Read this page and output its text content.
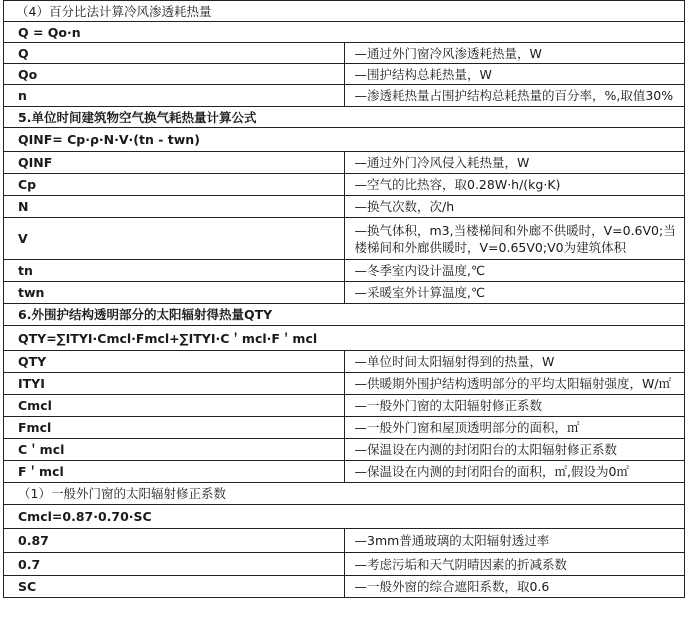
（4）百分比法计算冷风渗透耗热量	
Q = Qo·n	
Q	—通过外门窗冷风渗透耗热量，W
Qo	—围护结构总耗热量，W
n	—渗透耗热量占围护结构总耗热量的百分率，%,取值30%
5.单位时间建筑物空气换气耗热量计算公式	
QINF= Cp·ρ·N·V·(tn - twn)	
QINF	—通过外门冷风侵入耗热量，W
Cp	—空气的比热容，取0.28W·h/(kg·K)
N	—换气次数，次/h
V	—换气体积，m3,当楼梯间和外廊不供暖时，V=0.6V0;当楼梯间和外廊供暖时，V=0.65V0;V0为建筑体积
tn	—冬季室内设计温度,℃
twn	—采暖室外计算温度,℃
6.外围护结构透明部分的太阳辐射得热量QTY	
QTY=∑ITYI·Cmcl·Fmcl+∑ITYI·C＇mcl·F＇mcl	
QTY	—单位时间太阳辐射得到的热量，W
ITYI	—供暖期外围护结构透明部分的平均太阳辐射强度，W/㎡
Cmcl	—一般外门窗的太阳辐射修正系数
Fmcl	—一般外门窗和屋顶透明部分的面积，㎡
C＇mcl	—保温设在内测的封闭阳台的太阳辐射修正系数
F＇mcl	—保温设在内测的封闭阳台的面积，㎡,假设为0㎡
（1）一般外门窗的太阳辐射修正系数	
Cmcl=0.87·0.70·SC	
0.87	—3mm普通玻璃的太阳辐射透过率
0.7	—考虑污垢和天气阴晴因素的折减系数
SC	—一般外窗的综合遮阳系数，取0.6
